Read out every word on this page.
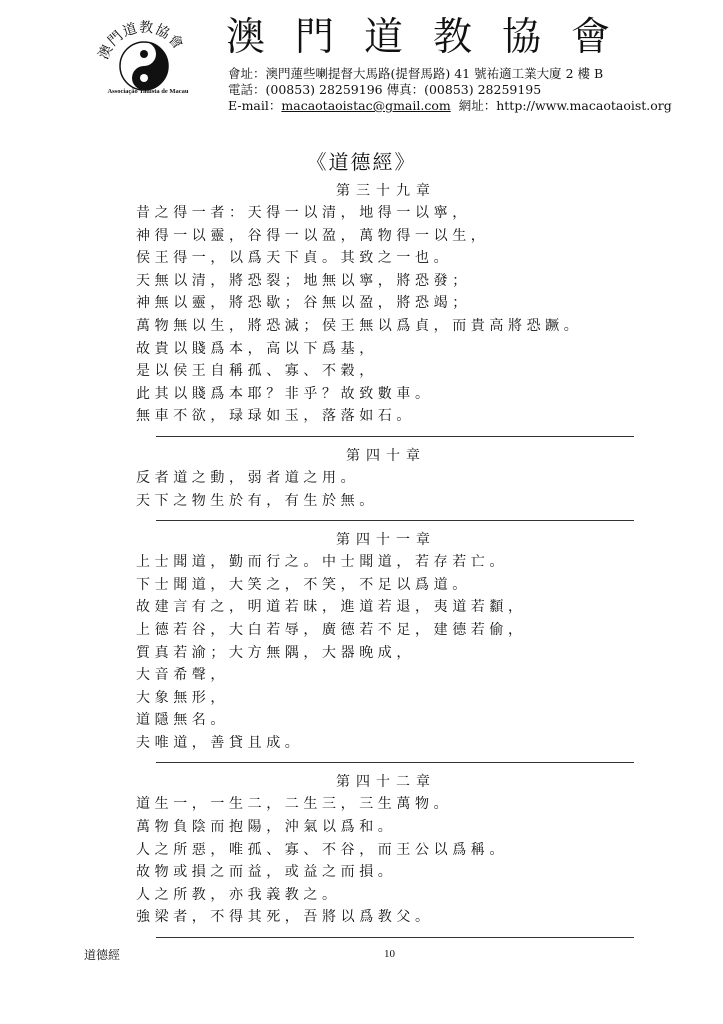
澳門道教協會
Associação Tauista de Macau
澳門道教協會
會址：澳門蓮些喇提督大馬路(提督馬路) 41 號祐適工業大廈 2 樓 B
電話：(00853) 28259196 傳真：(00853) 28259195
E-mail：macaotaoistac@gmail.com 網址：http://www.macaotaoist.org
《道德經》
第三十九章
昔之得一者：天得一以清，地得一以寧，
神得一以靈，谷得一以盈，萬物得一以生，
侯王得一，以爲天下貞。其致之一也。
天無以清，將恐裂；地無以寧，將恐發；
神無以靈，將恐歇；谷無以盈，將恐竭；
萬物無以生，將恐滅；侯王無以爲貞，而貴高將恐蹶。
故貴以賤爲本，高以下爲基，
是以侯王自稱孤、寡、不穀，
此其以賤爲本耶？非乎？故致數車。
無車不欲，琭琭如玉，落落如石。
第四十章
反者道之動，弱者道之用。
天下之物生於有，有生於無。
第四十一章
上士聞道，勤而行之。中士聞道，若存若亡。
下士聞道，大笑之，不笑，不足以爲道。
故建言有之，明道若昧，進道若退，夷道若纇，
上德若谷，大白若辱，廣德若不足，建德若偷，
質真若渝；大方無隅，大器晚成，
大音希聲，
大象無形，
道隱無名。
夫唯道，善貸且成。
第四十二章
道生一，一生二，二生三，三生萬物。
萬物負陰而抱陽，沖氣以爲和。
人之所惡，唯孤、寡、不谷，而王公以爲稱。
故物或損之而益，或益之而損。
人之所教，亦我義教之。
強梁者，不得其死，吾將以爲教父。
道德經	10
